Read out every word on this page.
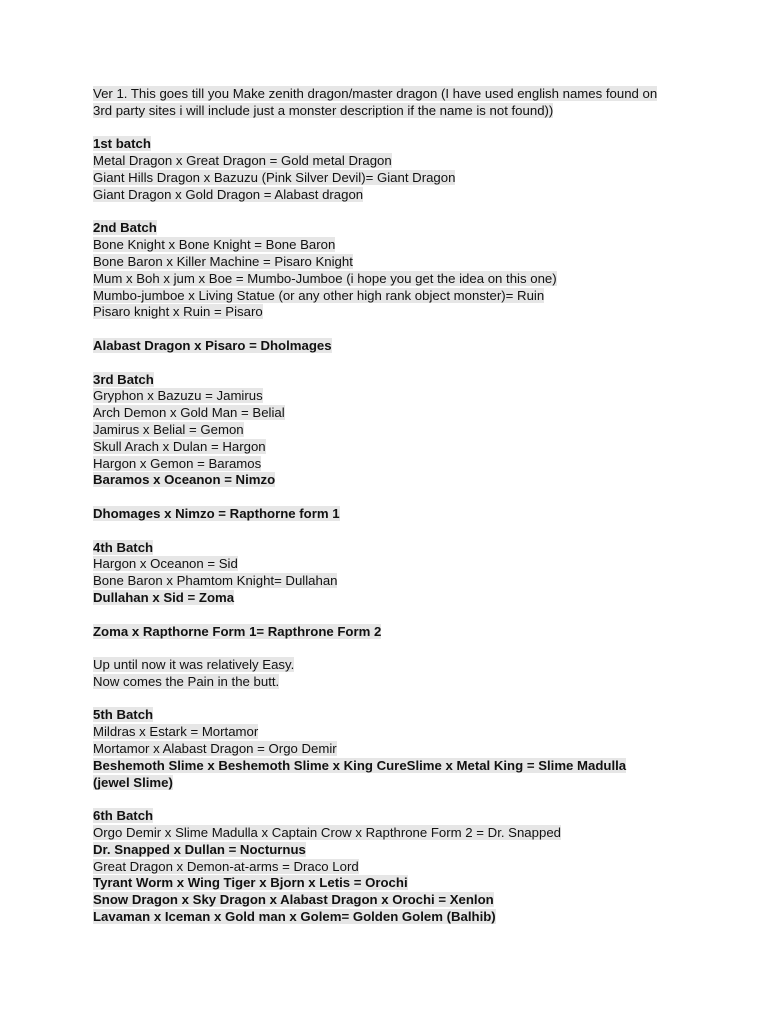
Ver 1. This goes till you Make zenith dragon/master dragon (I have used english names found on
3rd party sites i will include just a monster description if the name is not found))
1st batch
Metal Dragon x Great Dragon = Gold metal Dragon
Giant Hills Dragon x Bazuzu (Pink Silver Devil)= Giant Dragon
Giant Dragon x Gold Dragon = Alabast dragon
2nd Batch
Bone Knight x Bone Knight = Bone Baron
Bone Baron x Killer Machine = Pisaro Knight
Mum x Boh x jum x Boe = Mumbo-Jumboe (i hope you get the idea on this one)
Mumbo-jumboe x Living Statue (or any other high rank object monster)= Ruin
Pisaro knight x Ruin = Pisaro
Alabast Dragon x Pisaro = Dholmages
3rd Batch
Gryphon x Bazuzu = Jamirus
Arch Demon x Gold Man = Belial
Jamirus x Belial = Gemon
Skull Arach x Dulan = Hargon
Hargon x Gemon = Baramos
Baramos x Oceanon = Nimzo
Dhomages x Nimzo = Rapthorne form 1
4th Batch
Hargon x Oceanon = Sid
Bone Baron x Phamtom Knight= Dullahan
Dullahan x Sid = Zoma
Zoma x Rapthorne Form 1= Rapthrone Form 2
Up until now it was relatively Easy.
Now comes the Pain in the butt.
5th Batch
Mildras x Estark = Mortamor
Mortamor x Alabast Dragon = Orgo Demir
Beshemoth Slime x Beshemoth Slime x King CureSlime x Metal King = Slime Madulla
(jewel Slime)
6th Batch
Orgo Demir x Slime Madulla x Captain Crow x Rapthrone Form 2 = Dr. Snapped
Dr. Snapped x Dullan = Nocturnus
Great Dragon x Demon-at-arms = Draco Lord
Tyrant Worm x Wing Tiger x Bjorn x Letis = Orochi
Snow Dragon x Sky Dragon x Alabast Dragon x Orochi = Xenlon
Lavaman x Iceman x Gold man x Golem= Golden Golem (Balhib)
